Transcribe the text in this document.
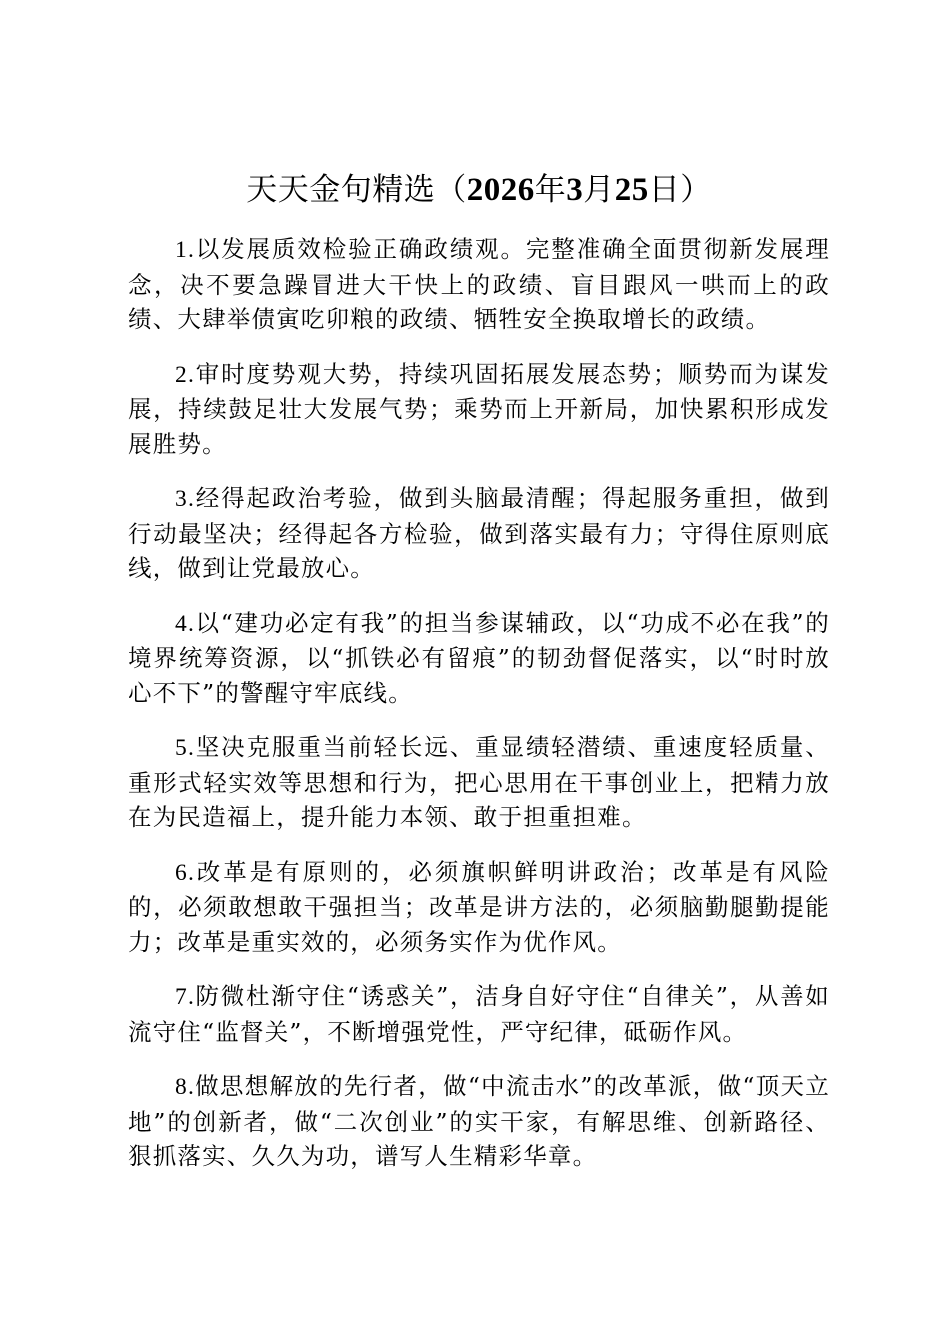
天天金句精选（2026年3月25日）

1.以发展质效检验正确政绩观。完整准确全面贯彻新发展理念，决不要急躁冒进大干快上的政绩、盲目跟风一哄而上的政绩、大肆举债寅吃卯粮的政绩、牺牲安全换取增长的政绩。

2.审时度势观大势，持续巩固拓展发展态势；顺势而为谋发展，持续鼓足壮大发展气势；乘势而上开新局，加快累积形成发展胜势。

3.经得起政治考验，做到头脑最清醒；得起服务重担，做到行动最坚决；经得起各方检验，做到落实最有力；守得住原则底线，做到让党最放心。

4.以“建功必定有我”的担当参谋辅政，以“功成不必在我”的境界统筹资源，以“抓铁必有留痕”的韧劲督促落实，以“时时放心不下”的警醒守牢底线。

5.坚决克服重当前轻长远、重显绩轻潜绩、重速度轻质量、重形式轻实效等思想和行为，把心思用在干事创业上，把精力放在为民造福上，提升能力本领、敢于担重担难。

6.改革是有原则的，必须旗帜鲜明讲政治；改革是有风险的，必须敢想敢干强担当；改革是讲方法的，必须脑勤腿勤提能力；改革是重实效的，必须务实作为优作风。

7.防微杜渐守住“诱惑关”，洁身自好守住“自律关”，从善如流守住“监督关”，不断增强党性，严守纪律，砥砺作风。

8.做思想解放的先行者，做“中流击水”的改革派，做“顶天立地”的创新者，做“二次创业”的实干家，有解思维、创新路径、狠抓落实、久久为功，谱写人生精彩华章。
